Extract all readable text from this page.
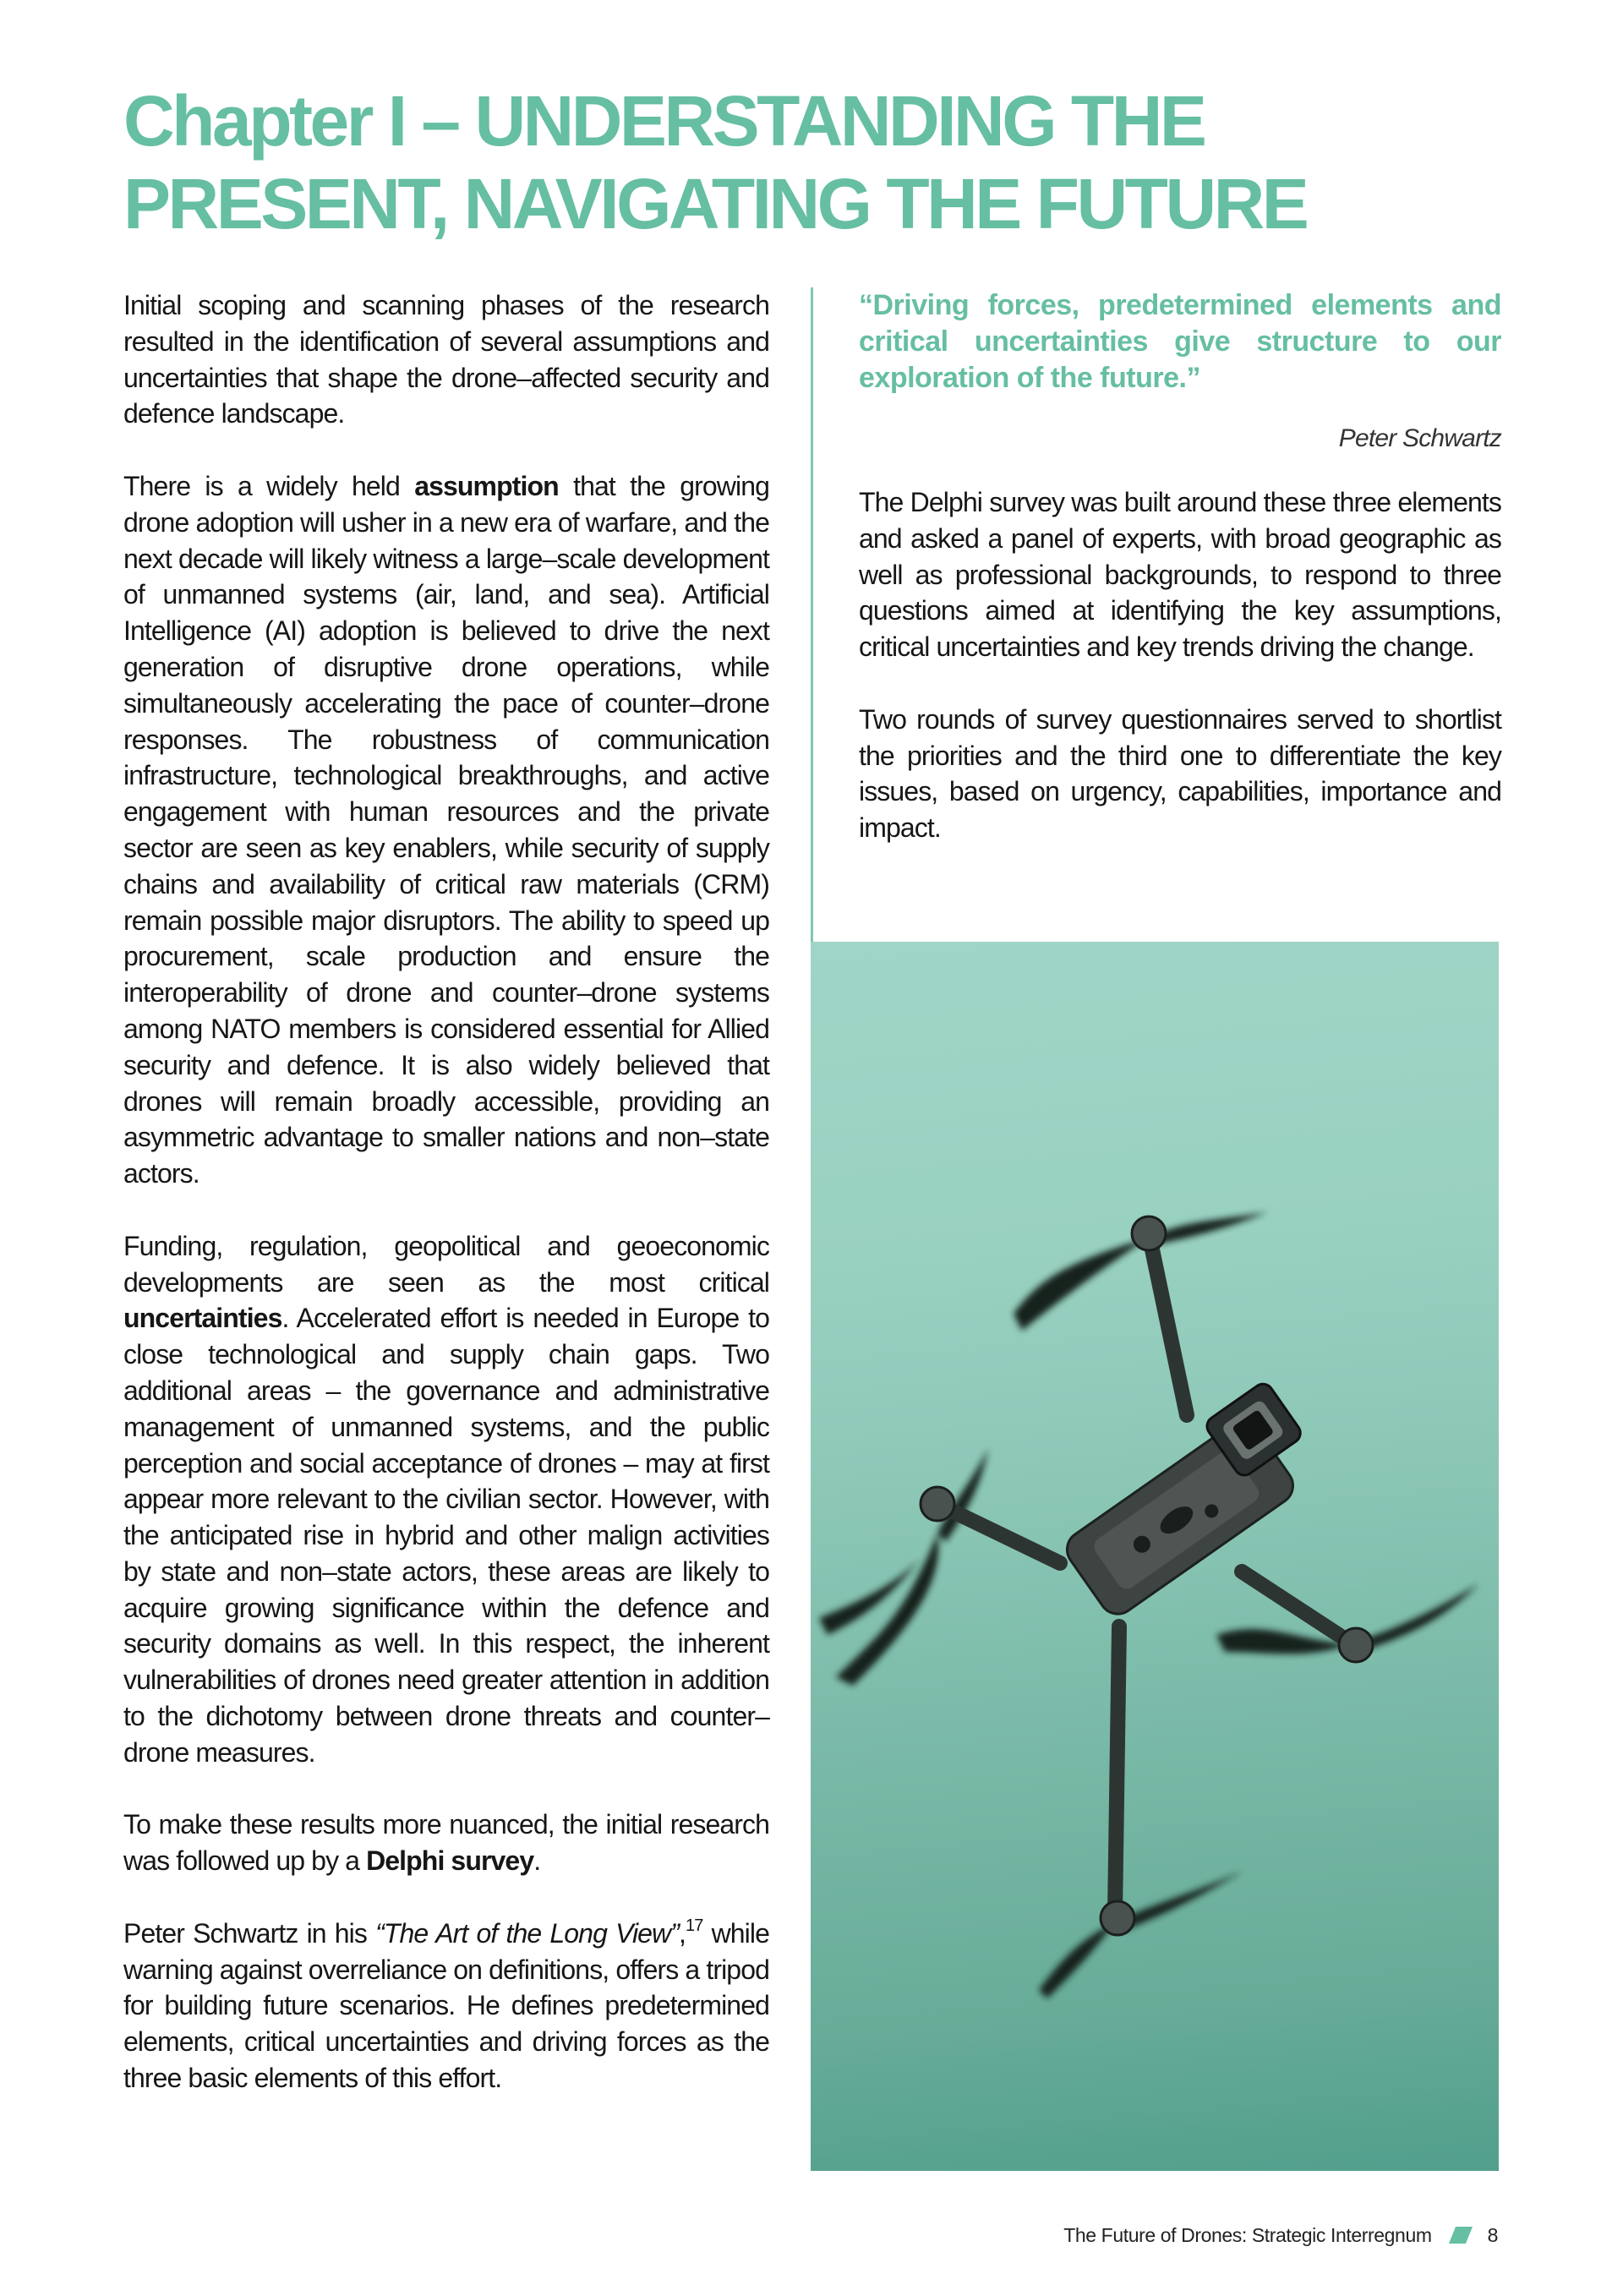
Chapter I – UNDERSTANDING THE
PRESENT, NAVIGATING THE FUTURE

Initial scoping and scanning phases of the research resulted in the identification of several assumptions and uncertainties that shape the drone–affected security and defence landscape.

There is a widely held assumption that the growing drone adoption will usher in a new era of warfare, and the next decade will likely witness a large–scale development of unmanned systems (air, land, and sea). Artificial Intelligence (AI) adoption is believed to drive the next generation of disruptive drone operations, while simultaneously accelerating the pace of counter–drone responses. The robustness of communication infrastructure, technological breakthroughs, and active engagement with human resources and the private sector are seen as key enablers, while security of supply chains and availability of critical raw materials (CRM) remain possible major disruptors. The ability to speed up procurement, scale production and ensure the interoperability of drone and counter–drone systems among NATO members is considered essential for Allied security and defence. It is also widely believed that drones will remain broadly accessible, providing an asymmetric advantage to smaller nations and non–state actors.

Funding, regulation, geopolitical and geoeconomic developments are seen as the most critical uncertainties. Accelerated effort is needed in Europe to close technological and supply chain gaps. Two additional areas – the governance and administrative management of unmanned systems, and the public perception and social acceptance of drones – may at first appear more relevant to the civilian sector. However, with the anticipated rise in hybrid and other malign activities by state and non–state actors, these areas are likely to acquire growing significance within the defence and security domains as well. In this respect, the inherent vulnerabilities of drones need greater attention in addition to the dichotomy between drone threats and counter–drone measures.

To make these results more nuanced, the initial research was followed up by a Delphi survey.

Peter Schwartz in his “The Art of the Long View”,$^{17}$ while warning against overreliance on definitions, offers a tripod for building future scenarios. He defines predetermined elements, critical uncertainties and driving forces as the three basic elements of this effort.

“Driving forces, predetermined elements and critical uncertainties give structure to our exploration of the future.”

Peter Schwartz

The Delphi survey was built around these three elements and asked a panel of experts, with broad geographic as well as professional backgrounds, to respond to three questions aimed at identifying the key assumptions, critical uncertainties and key trends driving the change.

Two rounds of survey questionnaires served to shortlist the priorities and the third one to differentiate the key issues, based on urgency, capabilities, importance and impact.

The Future of Drones: Strategic Interregnum	8
